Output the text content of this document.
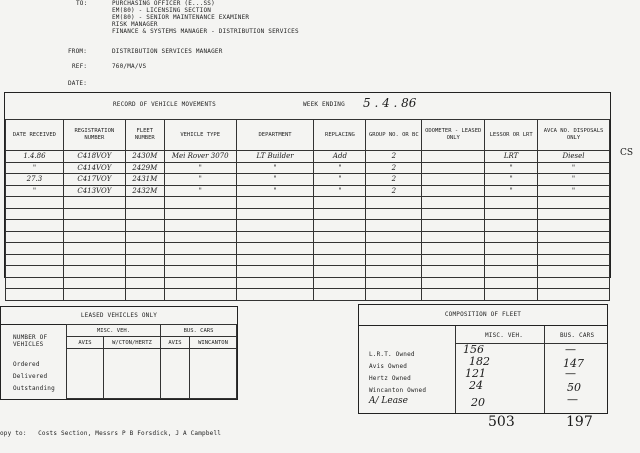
TO:	PURCHASING OFFICER (E...SS)
EM(80) - LICENSING SECTION
EM(80) - SENIOR MAINTENANCE EXAMINER
RISK MANAGER
FINANCE & SYSTEMS MANAGER - DISTRIBUTION SERVICES
FROM:	DISTRIBUTION SERVICES MANAGER
REF:	760/MA/VS
DATE:
RECORD OF VEHICLE MOVEMENTS	WEEK ENDING 5 . 4 . 86
DATE RECEIVED	REGISTRATION NUMBER	FLEET NUMBER	VEHICLE TYPE	DEPARTMENT	REPLACING	GROUP NO. OR BC	ODOMETER - LEASED ONLY	LESSOR OR LRT	AVCA NO. DISPOSALS ONLY
1.4.86	C418VOY	2430M	Mei Rover 3070	LT Builder	Add	2		LRT	Diesel
"	C414VOY	2429M	"	"	"	2		"	"
27.3	C417VOY	2431M	"	"	"	2		"	"
"	C413VOY	2432M	"	"	"	2		"	"

CS
LEASED VEHICLES ONLY
NUMBER OF VEHICLES
Ordered
Delivered
Outstanding
MISC. VEH.		BUS. CARS	
AVIS	W/CTON/HERTZ	AVIS	WINCANTON

COMPOSITION OF FLEET
MISC. VEH.	BUS. CARS
L.R.T. Owned	156	—
Avis Owned	182	147
Hertz Owned	121	—
Wincanton Owned	24	50
A/ Lease	20	—
503	197
opy to:   Costs Section, Messrs P B Forsdick, J A Campbell
